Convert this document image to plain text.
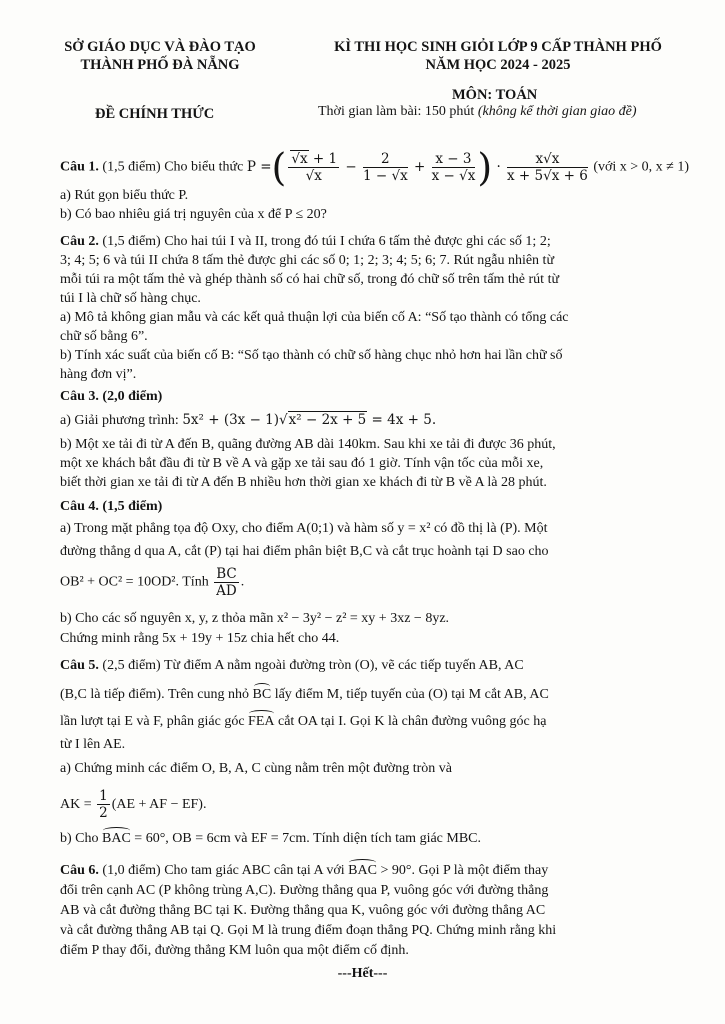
SỞ GIÁO DỤC VÀ ĐÀO TẠO
THÀNH PHỐ ĐÀ NẴNG
KÌ THI HỌC SINH GIỎI LỚP 9 CẤP THÀNH PHỐ
NĂM HỌC 2024 - 2025
MÔN: TOÁN
ĐỀ CHÍNH THỨC	Thời gian làm bài: 150 phút (không kể thời gian giao đề)
Câu 1. (1,5 điểm) Cho biểu thức P =( $\frac{√x + 1}{√x} - \frac{2}{1 - √x} + \frac{x - 3}{x - √x}$ ) · $\frac{x√x}{x + 5√x + 6}$ (với x > 0, x ≠ 1)
a) Rút gọn biểu thức P.
b) Có bao nhiêu giá trị nguyên của x để P ≤ 20?
Câu 2. (1,5 điểm) Cho hai túi I và II, trong đó túi I chứa 6 tấm thẻ được ghi các số 1; 2;
3; 4; 5; 6 và túi II chứa 8 tấm thẻ được ghi các số 0; 1; 2; 3; 4; 5; 6; 7. Rút ngẫu nhiên từ
mỗi túi ra một tấm thẻ và ghép thành số có hai chữ số, trong đó chữ số trên tấm thẻ rút từ
túi I là chữ số hàng chục.
a) Mô tả không gian mẫu và các kết quả thuận lợi của biến cố A: “Số tạo thành có tổng các
chữ số bằng 6”.
b) Tính xác suất của biến cố B: “Số tạo thành có chữ số hàng chục nhỏ hơn hai lần chữ số
hàng đơn vị”.
Câu 3. (2,0 điểm)
a) Giải phương trình: 5x² + (3x − 1)√x² − 2x + 5 = 4x + 5.
b) Một xe tải đi từ A đến B, quãng đường AB dài 140km. Sau khi xe tải đi được 36 phút,
một xe khách bắt đầu đi từ B về A và gặp xe tải sau đó 1 giờ. Tính vận tốc của mỗi xe,
biết thời gian xe tải đi từ A đến B nhiều hơn thời gian xe khách đi từ B về A là 28 phút.
Câu 4. (1,5 điểm)
a) Trong mặt phẳng tọa độ Oxy, cho điểm A(0;1) và hàm số y = x² có đồ thị là (P). Một
đường thẳng d qua A, cắt (P) tại hai điểm phân biệt B,C và cắt trục hoành tại D sao cho
OB² + OC² = 10OD². Tính $\frac{BC}{AD}$ .
b) Cho các số nguyên x, y, z thỏa mãn x² − 3y² − z² = xy + 3xz − 8yz.
Chứng minh rằng 5x + 19y + 15z chia hết cho 44.
Câu 5. (2,5 điểm) Từ điểm A nằm ngoài đường tròn (O), vẽ các tiếp tuyến AB, AC
(B,C là tiếp điểm). Trên cung nhỏ BC lấy điểm M, tiếp tuyến của (O) tại M cắt AB, AC
lần lượt tại E và F, phân giác góc FEA cắt OA tại I. Gọi K là chân đường vuông góc hạ
từ I lên AE.
a) Chứng minh các điểm O, B, A, C cùng nằm trên một đường tròn và
AK = $\frac{1}{2} (AE$ + AF − EF).
b) Cho BAC = 60°, OB = 6cm và EF = 7cm. Tính diện tích tam giác MBC.
Câu 6. (1,0 điểm) Cho tam giác ABC cân tại A với BAC > 90°. Gọi P là một điểm thay
đổi trên cạnh AC (P không trùng A,C). Đường thẳng qua P, vuông góc với đường thẳng
AB và cắt đường thẳng BC tại K. Đường thẳng qua K, vuông góc với đường thẳng AC
và cắt đường thẳng AB tại Q. Gọi M là trung điểm đoạn thẳng PQ. Chứng minh rằng khi
điểm P thay đổi, đường thẳng KM luôn qua một điểm cố định.
---Hết---
